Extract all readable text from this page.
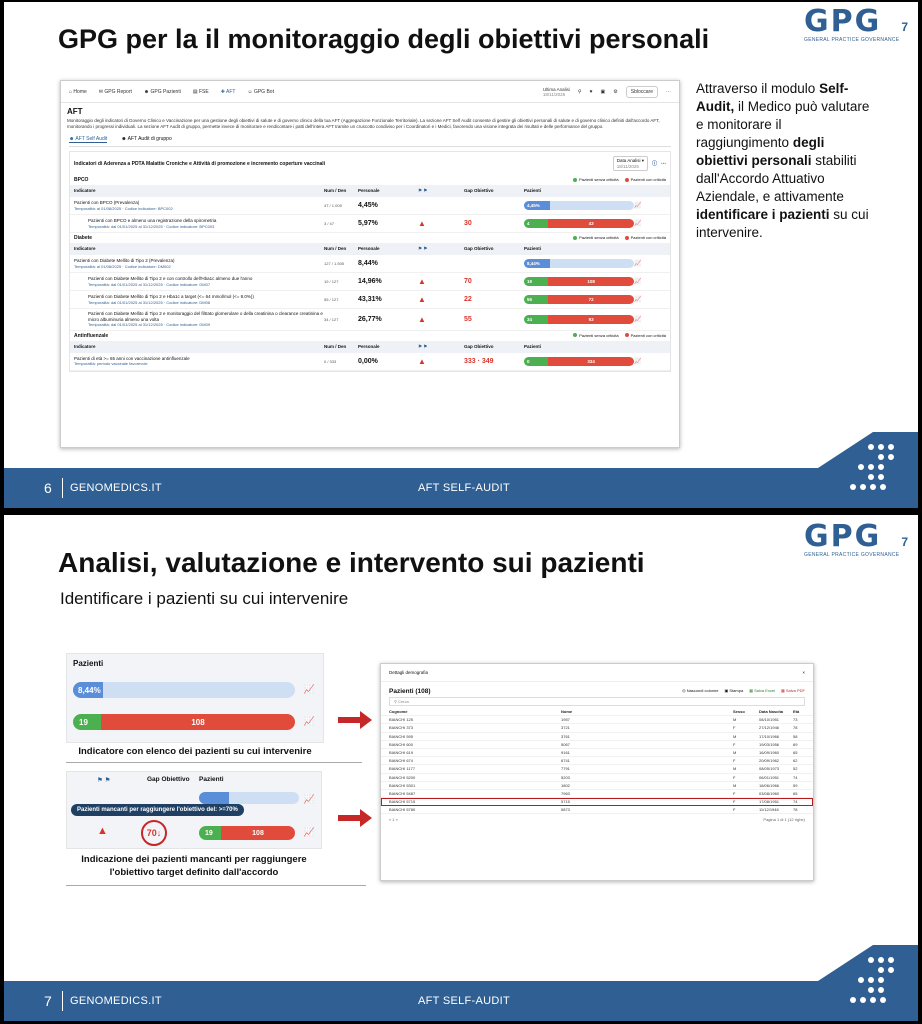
GPG per la il monitoraggio degli obiettivi personali	GPG	7
GENERAL PRACTICE GOVERNANCE
⌂ Home ✉ GPG Report ☻ GPG Pazienti ▤ FSE ✚ AFT ☺ GPG Bot	Ultima Analisi
18/11/2025	⚲ ♥ ▣ ⚙	Sbloccare	⋯
AFT
Monitoraggio degli indicatori di Governo Clinico e Vaccinazione per una gestione degli obiettivi di salute e di governo clinico della tua AFT (Aggregazione Funzionale Territoriale). La sezione AFT Self Audit consente di gestire gli obiettivi personali di salute e di governo clinico definiti dall'accordo AFT, monitorando i progressi individuali. La sezione AFT Audit di gruppo, permette invece di monitorare e rendicontare i patti dell'intera AFT tramite un cruscotto condiviso per i Coordinatori e i Medici, favorendo una visione integrata dei risultati e delle performance del gruppo.
☻ AFT Self Audit	☻ AFT Audit di gruppo
Indicatori di Aderenza a PDTA Malattie Croniche e Attività di promozione e incremento coperture vaccinali	Data Analisi ▾
18/11/2025	ⓘ ⋯
BPCO	Pazienti senza criticità	Pazienti con criticità
Indicatore	Num / Den	Personale	⚑ ⚑	Gap Obiettivo	Pazienti
Pazienti con BPCO (Prevalenza)
Temporalità: al 01/08/2025 · Codice indicatore: BPC002	47 / 1.005	4,45%	4,45%	📈
Pazienti con BPCO e almeno una registrazione della spirometria
Temporalità: dal 01/01/2025 al 31/12/2025 · Codice indicatore: BPC003	3 / 47	5,97%	▲	30	4	43	📈
Diabete	Pazienti senza criticità	Pazienti con criticità
Indicatore	Num / Den	Personale	⚑ ⚑	Gap Obiettivo	Pazienti
Pazienti con Diabete Mellito di Tipo 2 (Prevalenza)
Temporalità: al 01/08/2025 · Codice indicatore: DM002	127 / 1.505	8,44%	8,44%	📈
Pazienti con Diabete Mellito di Tipo 2 e con controllo dell'Hba1c almeno due l'anno
Temporalità: dal 01/01/2025 al 31/12/2025 · Codice indicatore: DM07	19 / 127	14,96%	▲	70	19	108	📈
Pazienti con Diabete Mellito di Tipo 2 e Hba1c a target (<= 64 mmol/mol (<= 8.0%))
Temporalità: dal 01/01/2025 al 31/12/2025 · Codice indicatore: DM08	55 / 127	43,31%	▲	22	55	72	📈
Pazienti con Diabete Mellito di Tipo 2 e monitoraggio del filtrato glomerulare o della creatinina o clearance creatinina e micro albuminuria almeno una volta
Temporalità: dal 01/01/2025 al 31/12/2025 · Codice indicatore: DM09
34 / 127	26,77%	▲	55	34	93	📈
Antinfluenzale	Pazienti senza criticità	Pazienti con criticità
Indicatore	Num / Den	Personale	⚑ ⚑	Gap Obiettivo	Pazienti
Pazienti di età >= 65 anni con vaccinazione antinfluenzale
Temporalità: periodo vaccinale favorevole	0 / 333	0,00%	▲	333 · 349	0	334	📈
Attraverso il modulo Self-Audit, il Medico può valutare e monitorare il raggiungimento degli obiettivi personali stabiliti dall'Accordo Attuativo Aziendale, e attivamente identificare i pazienti su cui intervenire.
6 GENOMEDICS.IT	AFT SELF-AUDIT
Analisi, valutazione e intervento sui pazienti
GPG	7
GENERAL PRACTICE GOVERNANCE
Identificare i pazienti su cui intervenire
Pazienti
8,44%	📈
19	108	📈
Indicatore con elenco dei pazienti su cui intervenire
⚑ ⚑	Gap Obiettivo Pazienti
📈
Pazienti mancanti per raggiungere l'obiettivo del: >=70%
▲	70 ↓	19	108	📈
Indicazione dei pazienti mancanti per raggiungere l'obiettivo target definito dall'accordo
Dettagli demografia	×
Pazienti (108)	◎ Nascondi colonne ▣ Stampa ▦ Salva Excel ▦ Salva PDF
⚲ Cerca
Cognome	Nome	Sesso	Data Nascita	Età
BIANCHI 125	1957	M	08/10/1951	73
BIANCHI 373	3721	F	27/12/1946	78
BIANCHI 595	3761	M	17/10/1966	58
BIANCHI 600	5067	F	19/03/1956	69
BIANCHI 619	9161	M	16/09/1960	65
BIANCHI 674	6741	F	20/09/1962	62
BIANCHI 1177	7791	M	08/05/1973	52
BIANCHI 5200	5203	F	06/01/1951	74
BIANCHI 5301	1802	M	18/06/1966	59
BIANCHI 5487	7963	F	03/08/1960	65
BIANCHI 5715	5715	F	17/08/1951	74
BIANCHI 5780	5873	F	11/12/1946	78
« 1 »	Pagina 1 di 1 (12 righe)
7 GENOMEDICS.IT	AFT SELF-AUDIT
